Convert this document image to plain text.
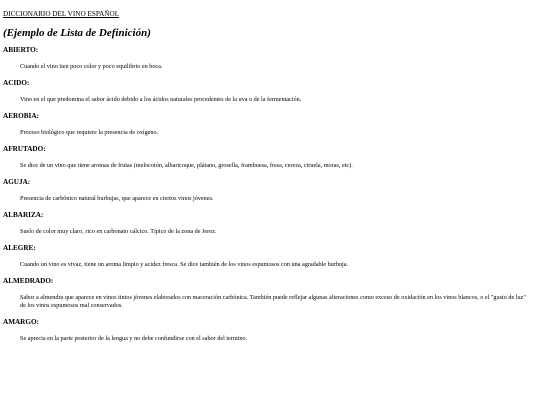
DICCIONARIO DEL VINO ESPAÑOL
(Ejemplo de Lista de Definición)
ABIERTO:
Cuando el vino tien poco color y poco equilibrio en boca.
ACIDO:
Vino en el que predomina el sabor ácido debido a los ácidos naturales procedentes de la uva o de la fermentación.
AEROBIA:
Proceso biológico que requiere la presencia de oxígeno.
AFRUTADO:
Se dice de un vino que tiene aromas de frutas (melocotón, albaricoque, plátano, grosella, frambuesa, fresa, cereza, ciruela, moras, etc).
AGUJA:
Presencia de carbónico natural burbujas, que aparece en ciertos vinos jóvenes.
ALBARIZA:
Suelo de color muy claro, rico en carbonato cálcico. Típico de la zona de Jerez.
ALEGRE:
Cuando un vino es vivaz, tiene un aroma limpio y acidez fresca. Se dice también de los vinos espumosos con una agradable burbuja.
ALMEDRADO:
Sabor a almendra que aparece en vinos tintos jóvenes elaborados con maceración carbónica. También puede reflejar algunas alteraciones como exceso de oxidación en los vinos blancos, o el "gusto de luz" de los vinos espumosos mal conservados.
AMARGO:
Se aprecia en la parte posterior de la lengua y no debe confundirse con el sabor del termino.
